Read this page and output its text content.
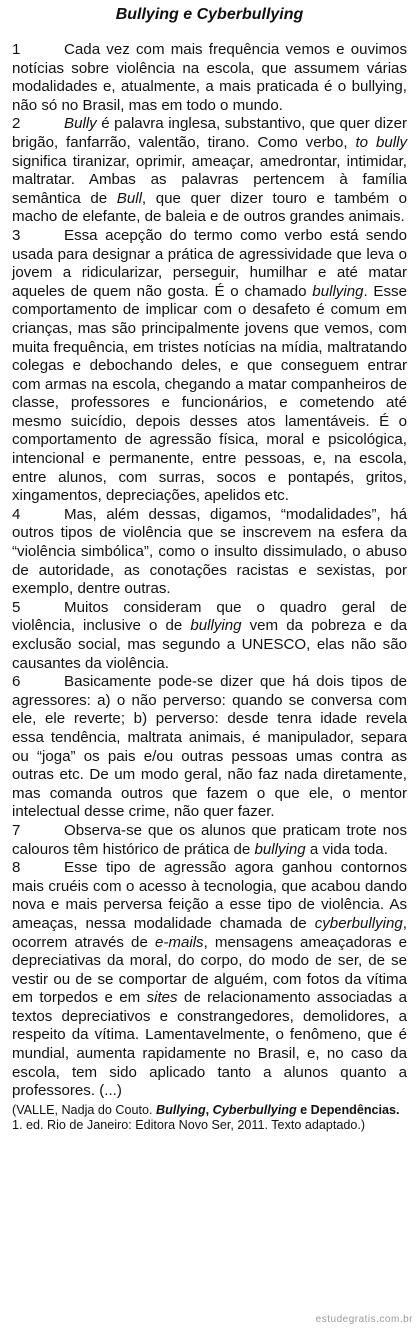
Bullying e Cyberbullying

1	Cada vez com mais frequência vemos e ouvimos notícias sobre violência na escola, que assumem várias modalidades e, atualmente, a mais praticada é o bullying, não só no Brasil, mas em todo o mundo.

2	Bully é palavra inglesa, substantivo, que quer dizer brigão, fanfarrão, valentão, tirano. Como verbo, to bully significa tiranizar, oprimir, ameaçar, amedrontar, intimidar, maltratar. Ambas as palavras pertencem à família semântica de Bull, que quer dizer touro e também o macho de elefante, de baleia e de outros grandes animais.

3	Essa acepção do termo como verbo está sendo usada para designar a prática de agressividade que leva o jovem a ridicularizar, perseguir, humilhar e até matar aqueles de quem não gosta. É o chamado bullying. Esse comportamento de implicar com o desafeto é comum em crianças, mas são principalmente jovens que vemos, com muita frequência, em tristes notícias na mídia, maltratando colegas e debochando deles, e que conseguem entrar com armas na escola, chegando a matar companheiros de classe, professores e funcionários, e cometendo até mesmo suicídio, depois desses atos lamentáveis. É o comportamento de agressão física, moral e psicológica, intencional e permanente, entre pessoas, e, na escola, entre alunos, com surras, socos e pontapés, gritos, xingamentos, depreciações, apelidos etc.

4	Mas, além dessas, digamos, “modalidades”, há outros tipos de violência que se inscrevem na esfera da “violência simbólica”, como o insulto dissimulado, o abuso de autoridade, as conotações racistas e sexistas, por exemplo, dentre outras.

5	Muitos consideram que o quadro geral de violência, inclusive o de bullying vem da pobreza e da exclusão social, mas segundo a UNESCO, elas não são causantes da violência.

6	Basicamente pode-se dizer que há dois tipos de agressores: a) o não perverso: quando se conversa com ele, ele reverte; b) perverso: desde tenra idade revela essa tendência, maltrata animais, é manipulador, separa ou “joga” os pais e/ou outras pessoas umas contra as outras etc. De um modo geral, não faz nada diretamente, mas comanda outros que fazem o que ele, o mentor intelectual desse crime, não quer fazer.

7	Observa-se que os alunos que praticam trote nos calouros têm histórico de prática de bullying a vida toda.

8	Esse tipo de agressão agora ganhou contornos mais cruéis com o acesso à tecnologia, que acabou dando nova e mais perversa feição a esse tipo de violência. As ameaças, nessa modalidade chamada de cyberbullying, ocorrem através de e-mails, mensagens ameaçadoras e depreciativas da moral, do corpo, do modo de ser, de se vestir ou de se comportar de alguém, com fotos da vítima em torpedos e em sites de relacionamento associadas a textos depreciativos e constrangedores, demolidores, a respeito da vítima. Lamentavelmente, o fenômeno, que é mundial, aumenta rapidamente no Brasil, e, no caso da escola, tem sido aplicado tanto a alunos quanto a professores. (...)

(VALLE, Nadja do Couto. Bullying, Cyberbullying e Dependências. 1. ed. Rio de Janeiro: Editora Novo Ser, 2011. Texto adaptado.)

estudegratis.com.br
